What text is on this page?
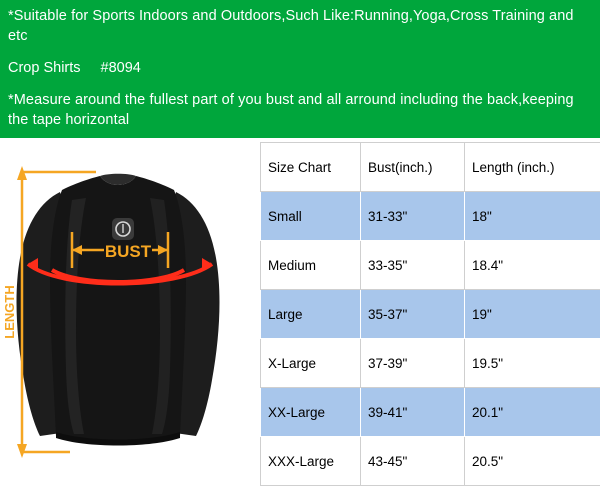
*Suitable for Sports Indoors and Outdoors,Such Like:Running,Yoga,Cross Training and etc
Crop Shirts #8094
*Measure around the fullest part of you bust and all arround including the back,keeping the tape horizontal
BUST
LENGTH
Size Chart	Bust(inch.)	Length (inch.)
Small	31-33"	18"
Medium	33-35"	18.4"
Large	35-37"	19"
X-Large	37-39"	19.5"
XX-Large	39-41"	20.1"
XXX-Large	43-45"	20.5"
